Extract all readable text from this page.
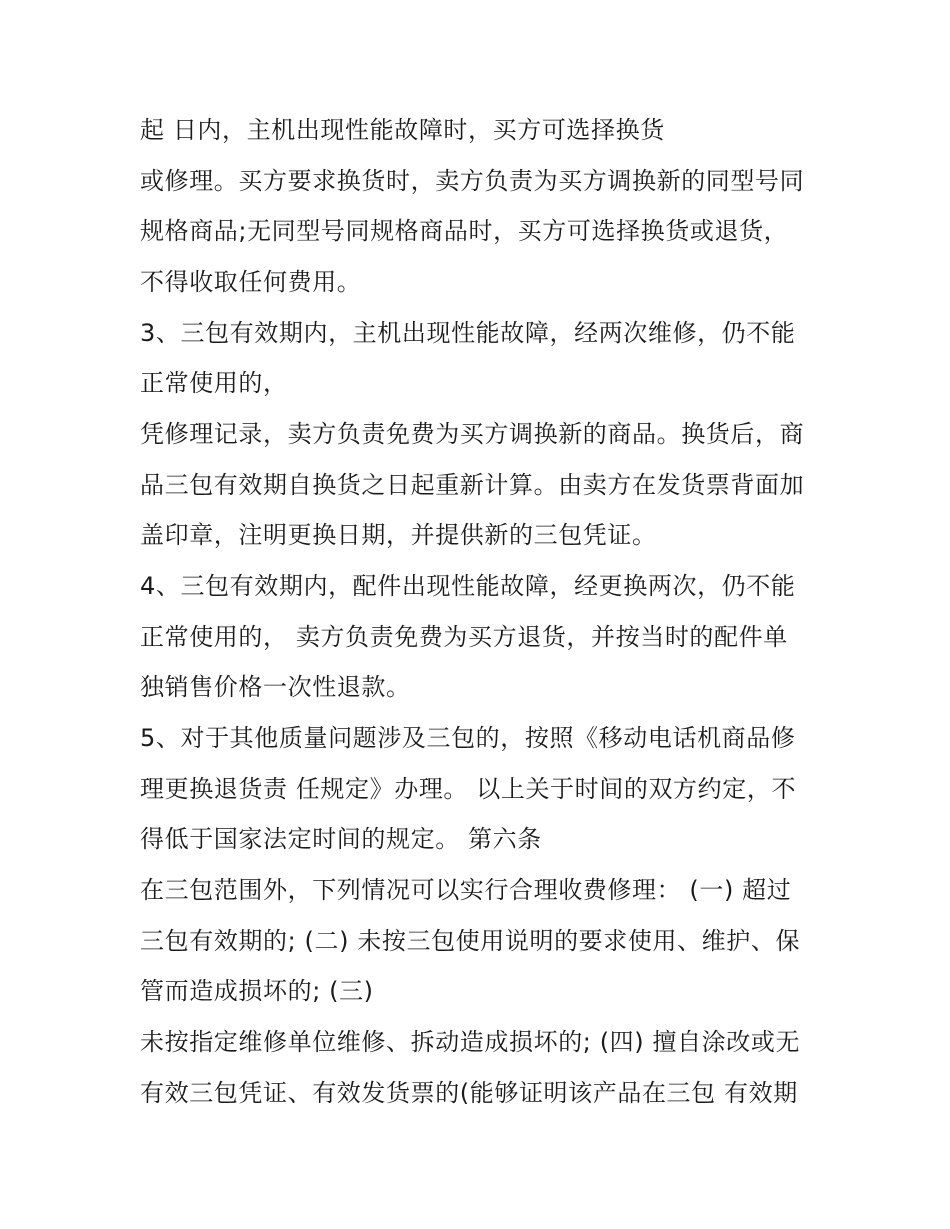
起 日内，主机出现性能故障时，买方可选择换货
或修理。买方要求换货时，卖方负责为买方调换新的同型号同
规格商品;无同型号同规格商品时，买方可选择换货或退货，
不得收取任何费用。
3、三包有效期内，主机出现性能故障，经两次维修，仍不能
正常使用的，
凭修理记录，卖方负责免费为买方调换新的商品。换货后，商
品三包有效期自换货之日起重新计算。由卖方在发货票背面加
盖印章，注明更换日期，并提供新的三包凭证。
4、三包有效期内，配件出现性能故障，经更换两次，仍不能
正常使用的， 卖方负责免费为买方退货，并按当时的配件单
独销售价格一次性退款。
5、对于其他质量问题涉及三包的，按照《移动电话机商品修
理更换退货责 任规定》办理。 以上关于时间的双方约定，不
得低于国家法定时间的规定。 第六条
在三包范围外，下列情况可以实行合理收费修理： (一) 超过
三包有效期的; (二) 未按三包使用说明的要求使用、维护、保
管而造成损坏的; (三)
未按指定维修单位维修、拆动造成损坏的; (四) 擅自涂改或无
有效三包凭证、有效发货票的(能够证明该产品在三包 有效期
